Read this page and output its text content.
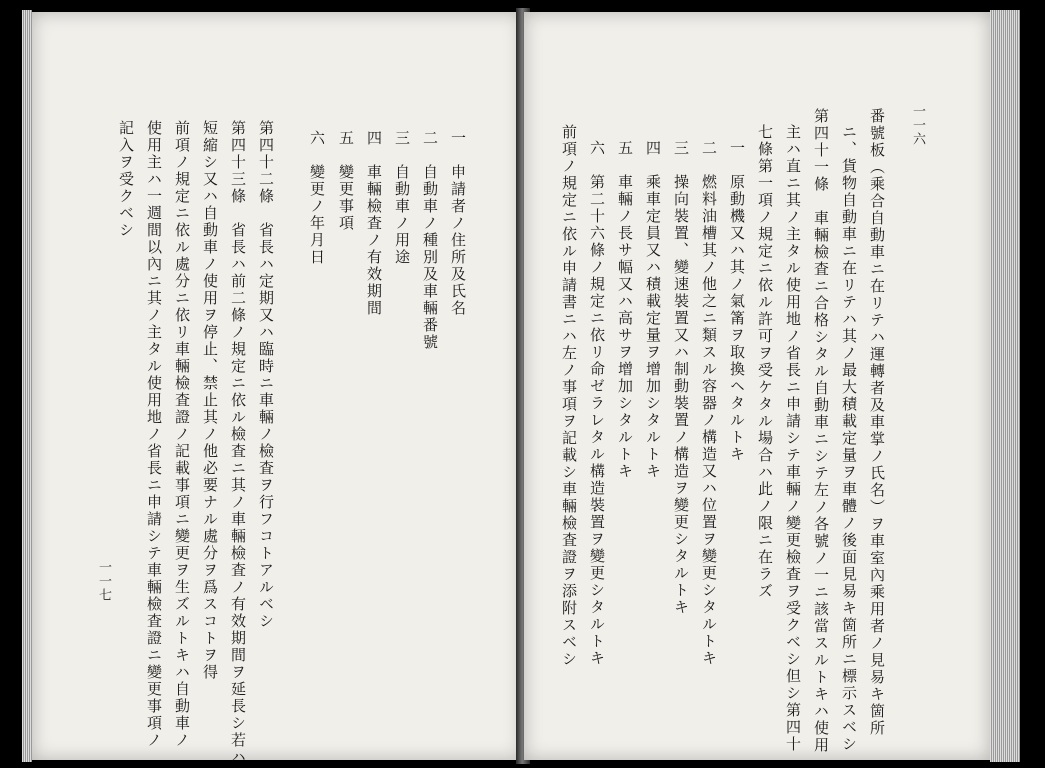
一　申請者ノ住所及氏名
二　自動車ノ種別及車輛番號
三　自動車ノ用途
四　車輛檢査ノ有效期間
五　變更事項
六　變更ノ年月日
第四十二條　省長ハ定期又ハ臨時ニ車輛ノ檢査ヲ行フコトアルベシ
第四十三條　省長ハ前二條ノ規定ニ依ル檢査ニ其ノ車輛檢査ノ有效期間ヲ延長シ若ハ
短縮シ又ハ自動車ノ使用ヲ停止、禁止其ノ他必要ナル處分ヲ爲スコトヲ得
前項ノ規定ニ依ル處分ニ依リ車輛檢査證ノ記載事項ニ變更ヲ生ズルトキハ自動車ノ
使用主ハ一週間以內ニ其ノ主タル使用地ノ省長ニ申請シテ車輛檢査證ニ變更事項ノ
記入ヲ受クベシ
一一七
一一六
番號板（乘合自動車ニ在リテハ運轉者及車掌ノ氏名）ヲ車室內乘用者ノ見易キ箇所
ニ、貨物自動車ニ在リテハ其ノ最大積載定量ヲ車體ノ後面見易キ箇所ニ標示スベシ
第四十一條　車輛檢査ニ合格シタル自動車ニシテ左ノ各號ノ一ニ該當スルトキハ使用
主ハ直ニ其ノ主タル使用地ノ省長ニ申請シテ車輛ノ變更檢査ヲ受クベシ但シ第四十
七條第一項ノ規定ニ依ル許可ヲ受ケタル場合ハ此ノ限ニ在ラズ
一　原動機又ハ其ノ氣筩ヲ取換ヘタルトキ
二　燃料油槽其ノ他之ニ類スル容器ノ構造又ハ位置ヲ變更シタルトキ
三　操向裝置、變速裝置又ハ制動裝置ノ構造ヲ變更シタルトキ
四　乘車定員又ハ積載定量ヲ增加シタルトキ
五　車輛ノ長サ幅又ハ高サヲ增加シタルトキ
六　第二十六條ノ規定ニ依リ命ゼラレタル構造裝置ヲ變更シタルトキ
前項ノ規定ニ依ル申請書ニハ左ノ事項ヲ記載シ車輛檢査證ヲ添附スベシ
